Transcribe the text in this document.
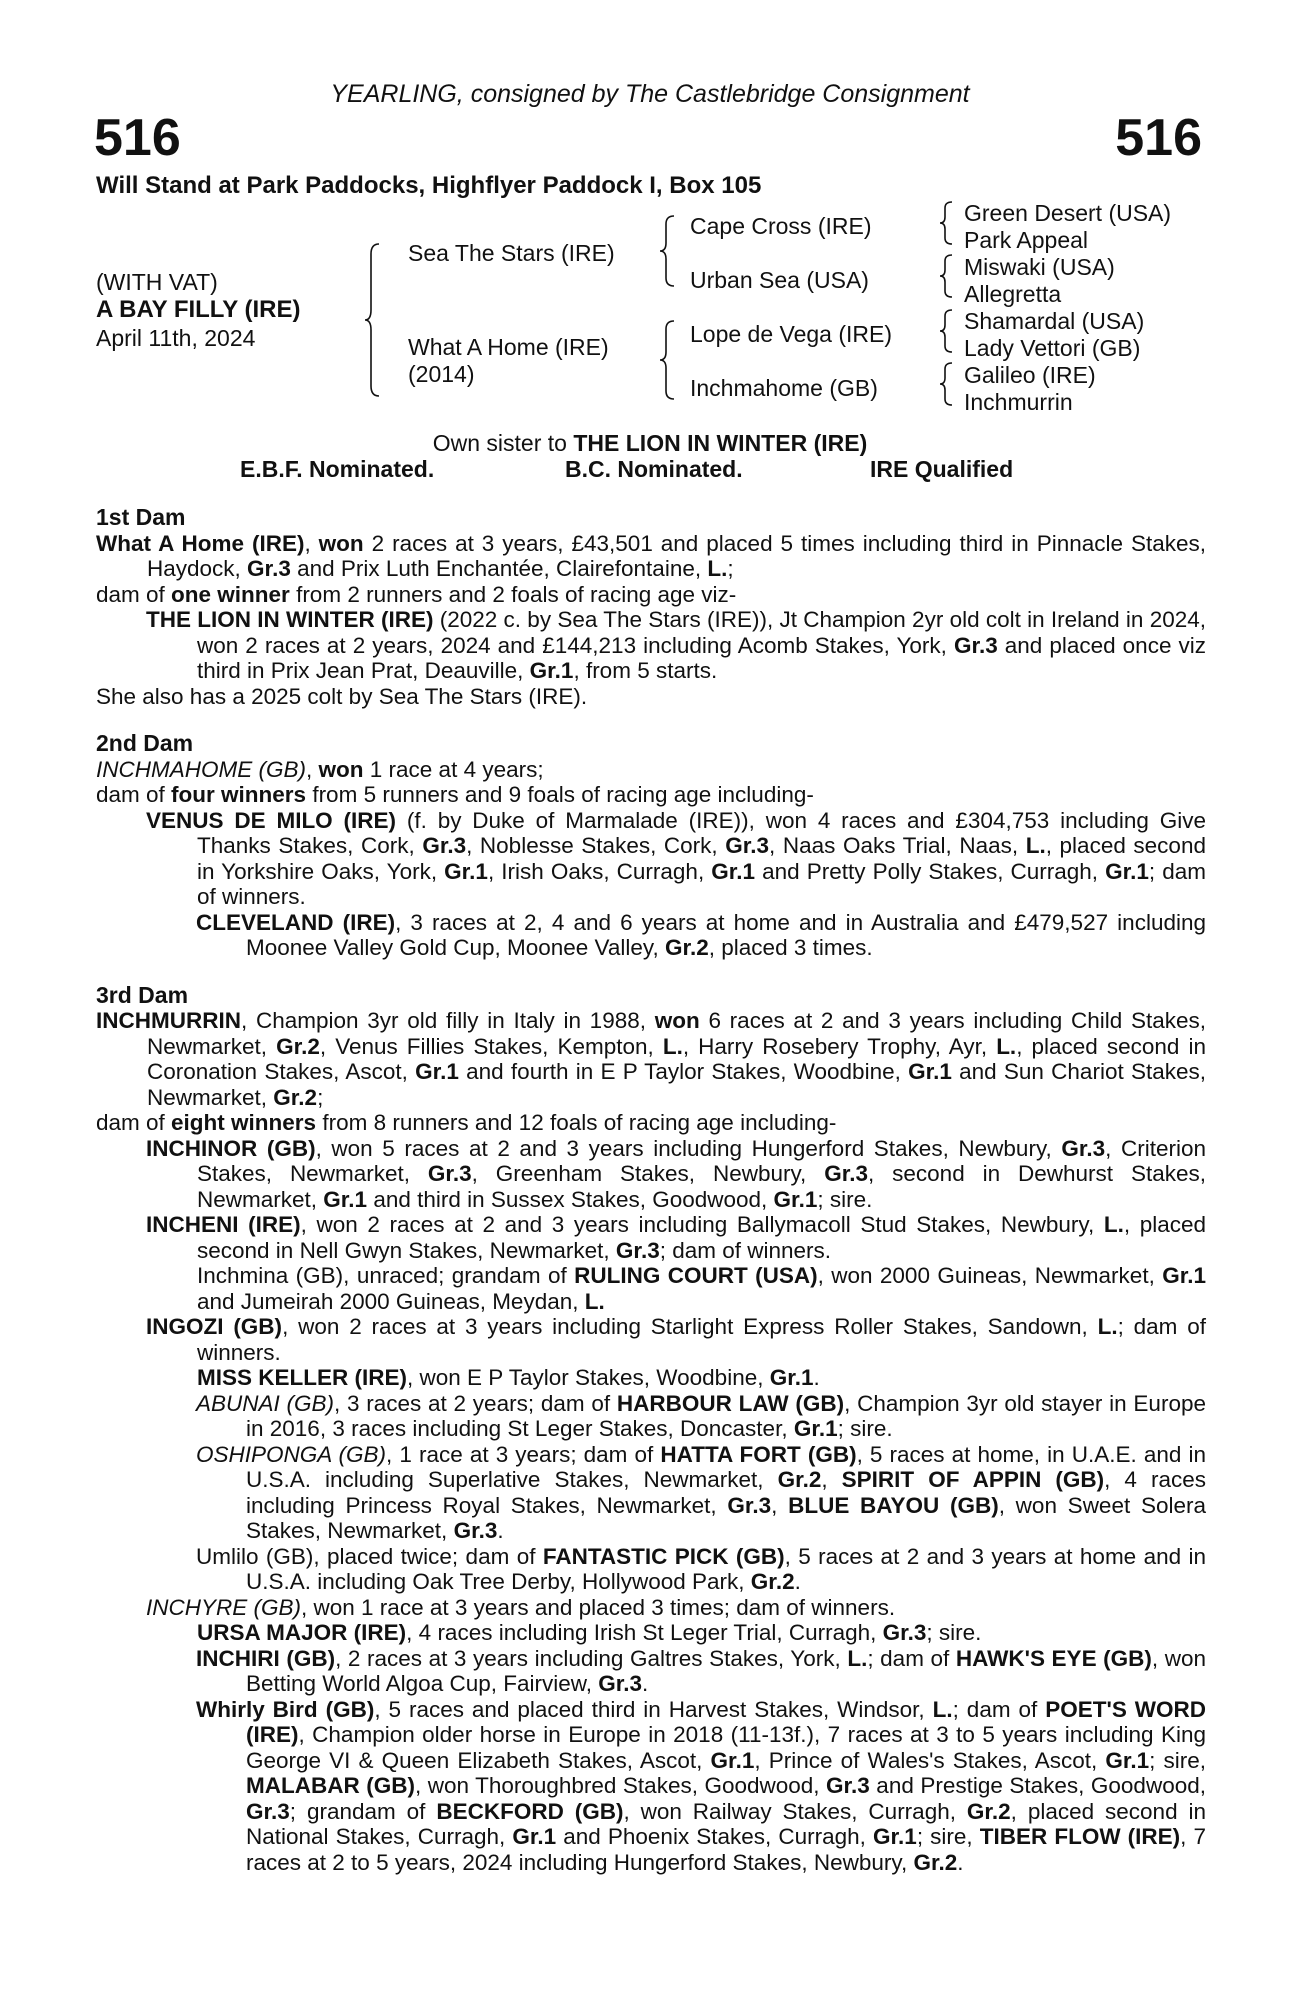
YEARLING, consigned by The Castlebridge Consignment
516	516
Will Stand at Park Paddocks, Highflyer Paddock I, Box 105
(WITH VAT)
A BAY FILLY (IRE)
April 11th, 2024
Sea The Stars (IRE)
What A Home (IRE)
(2014)
Cape Cross (IRE)
Urban Sea (USA)
Lope de Vega (IRE)
Inchmahome (GB)
Green Desert (USA)
Park Appeal
Miswaki (USA)
Allegretta
Shamardal (USA)
Lady Vettori (GB)
Galileo (IRE)
Inchmurrin
Own sister to THE LION IN WINTER (IRE)
E.B.F. Nominated.	B.C. Nominated.	IRE Qualified
1st Dam
What A Home (IRE), won 2 races at 3 years, £43,501 and placed 5 times including third in Pinnacle Stakes, Haydock, Gr.3 and Prix Luth Enchantée, Clairefontaine, L.;
dam of one winner from 2 runners and 2 foals of racing age viz-
THE LION IN WINTER (IRE) (2022 c. by Sea The Stars (IRE)), Jt Champion 2yr old colt in Ireland in 2024, won 2 races at 2 years, 2024 and £144,213 including Acomb Stakes, York, Gr.3 and placed once viz third in Prix Jean Prat, Deauville, Gr.1, from 5 starts.
She also has a 2025 colt by Sea The Stars (IRE).
2nd Dam
INCHMAHOME (GB), won 1 race at 4 years;
dam of four winners from 5 runners and 9 foals of racing age including-
VENUS DE MILO (IRE) (f. by Duke of Marmalade (IRE)), won 4 races and £304,753 including Give Thanks Stakes, Cork, Gr.3, Noblesse Stakes, Cork, Gr.3, Naas Oaks Trial, Naas, L., placed second in Yorkshire Oaks, York, Gr.1, Irish Oaks, Curragh, Gr.1 and Pretty Polly Stakes, Curragh, Gr.1; dam of winners.
CLEVELAND (IRE), 3 races at 2, 4 and 6 years at home and in Australia and £479,527 including Moonee Valley Gold Cup, Moonee Valley, Gr.2, placed 3 times.
3rd Dam
INCHMURRIN, Champion 3yr old filly in Italy in 1988, won 6 races at 2 and 3 years including Child Stakes, Newmarket, Gr.2, Venus Fillies Stakes, Kempton, L., Harry Rosebery Trophy, Ayr, L., placed second in Coronation Stakes, Ascot, Gr.1 and fourth in E P Taylor Stakes, Woodbine, Gr.1 and Sun Chariot Stakes, Newmarket, Gr.2;
dam of eight winners from 8 runners and 12 foals of racing age including-
INCHINOR (GB), won 5 races at 2 and 3 years including Hungerford Stakes, Newbury, Gr.3, Criterion Stakes, Newmarket, Gr.3, Greenham Stakes, Newbury, Gr.3, second in Dewhurst Stakes, Newmarket, Gr.1 and third in Sussex Stakes, Goodwood, Gr.1; sire.
INCHENI (IRE), won 2 races at 2 and 3 years including Ballymacoll Stud Stakes, Newbury, L., placed second in Nell Gwyn Stakes, Newmarket, Gr.3; dam of winners.
Inchmina (GB), unraced; grandam of RULING COURT (USA), won 2000 Guineas, Newmarket, Gr.1 and Jumeirah 2000 Guineas, Meydan, L.
INGOZI (GB), won 2 races at 3 years including Starlight Express Roller Stakes, Sandown, L.; dam of winners.
MISS KELLER (IRE), won E P Taylor Stakes, Woodbine, Gr.1.
ABUNAI (GB), 3 races at 2 years; dam of HARBOUR LAW (GB), Champion 3yr old stayer in Europe in 2016, 3 races including St Leger Stakes, Doncaster, Gr.1; sire.
OSHIPONGA (GB), 1 race at 3 years; dam of HATTA FORT (GB), 5 races at home, in U.A.E. and in U.S.A. including Superlative Stakes, Newmarket, Gr.2, SPIRIT OF APPIN (GB), 4 races including Princess Royal Stakes, Newmarket, Gr.3, BLUE BAYOU (GB), won Sweet Solera Stakes, Newmarket, Gr.3.
Umlilo (GB), placed twice; dam of FANTASTIC PICK (GB), 5 races at 2 and 3 years at home and in U.S.A. including Oak Tree Derby, Hollywood Park, Gr.2.
INCHYRE (GB), won 1 race at 3 years and placed 3 times; dam of winners.
URSA MAJOR (IRE), 4 races including Irish St Leger Trial, Curragh, Gr.3; sire.
INCHIRI (GB), 2 races at 3 years including Galtres Stakes, York, L.; dam of HAWK'S EYE (GB), won Betting World Algoa Cup, Fairview, Gr.3.
Whirly Bird (GB), 5 races and placed third in Harvest Stakes, Windsor, L.; dam of POET'S WORD (IRE), Champion older horse in Europe in 2018 (11-13f.), 7 races at 3 to 5 years including King George VI & Queen Elizabeth Stakes, Ascot, Gr.1, Prince of Wales's Stakes, Ascot, Gr.1; sire, MALABAR (GB), won Thoroughbred Stakes, Goodwood, Gr.3 and Prestige Stakes, Goodwood, Gr.3; grandam of BECKFORD (GB), won Railway Stakes, Curragh, Gr.2, placed second in National Stakes, Curragh, Gr.1 and Phoenix Stakes, Curragh, Gr.1; sire, TIBER FLOW (IRE), 7 races at 2 to 5 years, 2024 including Hungerford Stakes, Newbury, Gr.2.
